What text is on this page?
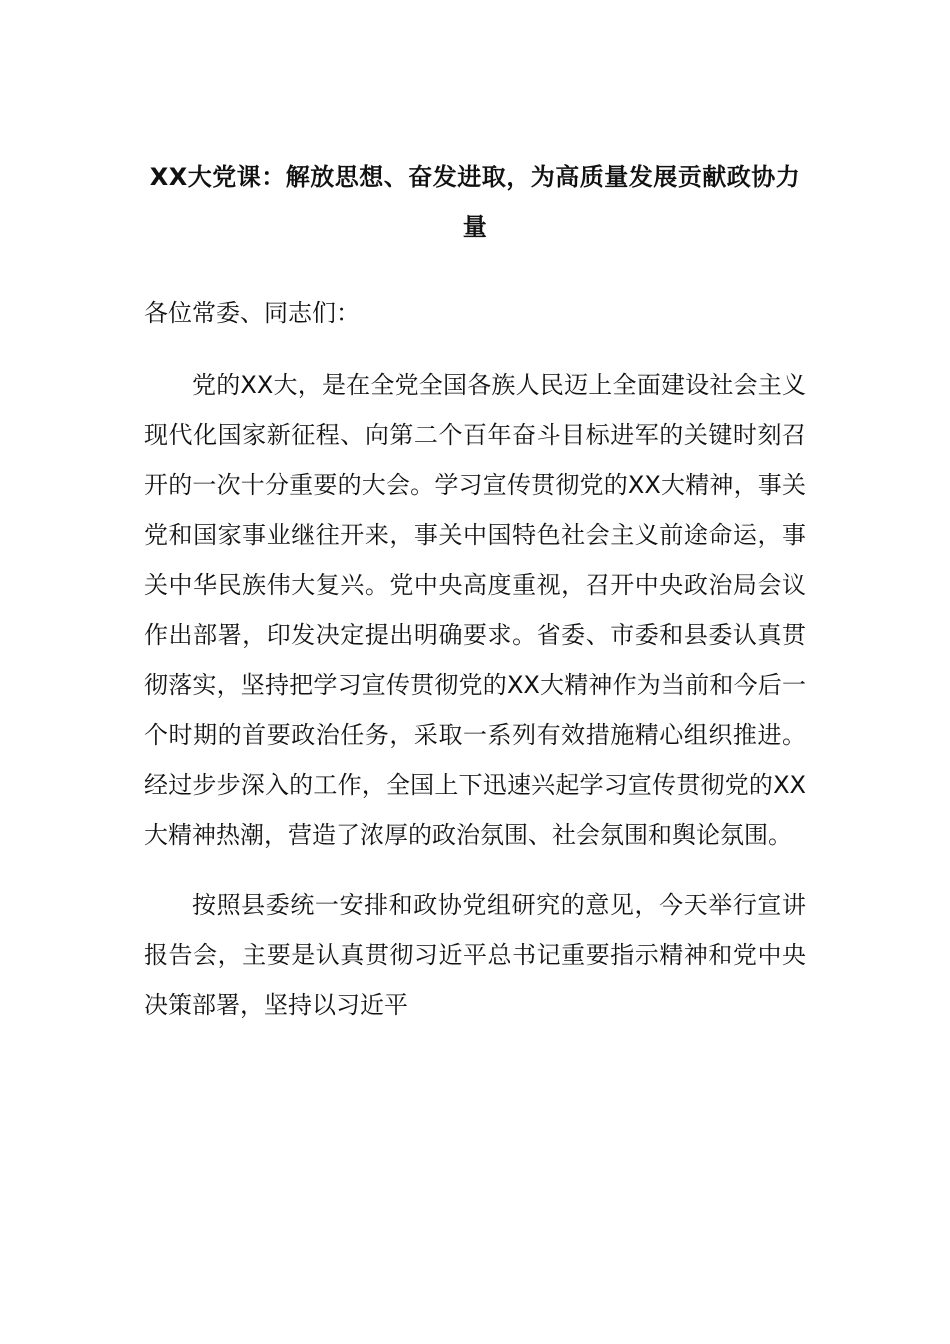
XX大党课：解放思想、奋发进取，为高质量发展贡献政协力量

各位常委、同志们：

党的XX大，是在全党全国各族人民迈上全面建设社会主义现代化国家新征程、向第二个百年奋斗目标进军的关键时刻召开的一次十分重要的大会。学习宣传贯彻党的XX大精神，事关党和国家事业继往开来，事关中国特色社会主义前途命运，事关中华民族伟大复兴。党中央高度重视，召开中央政治局会议作出部署，印发决定提出明确要求。省委、市委和县委认真贯彻落实，坚持把学习宣传贯彻党的XX大精神作为当前和今后一个时期的首要政治任务，采取一系列有效措施精心组织推进。经过步步深入的工作，全国上下迅速兴起学习宣传贯彻党的XX大精神热潮，营造了浓厚的政治氛围、社会氛围和舆论氛围。

按照县委统一安排和政协党组研究的意见，今天举行宣讲报告会，主要是认真贯彻习近平总书记重要指示精神和党中央决策部署，坚持以习近平
